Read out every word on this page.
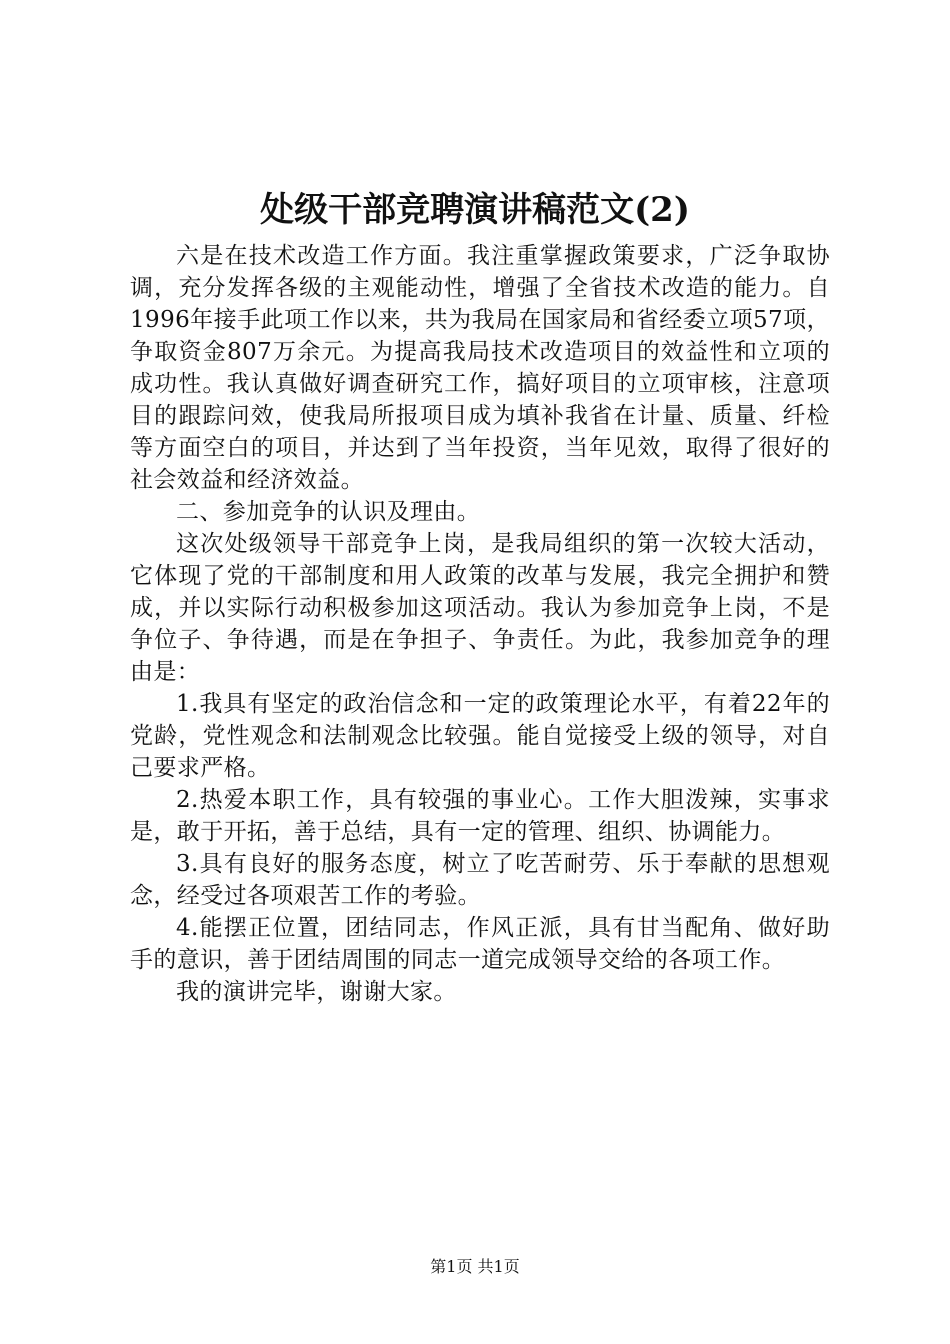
处级干部竞聘演讲稿范文(2)

六是在技术改造工作方面。我注重掌握政策要求，广泛争取协调，充分发挥各级的主观能动性，增强了全省技术改造的能力。自1996年接手此项工作以来，共为我局在国家局和省经委立项57项，争取资金807万余元。为提高我局技术改造项目的效益性和立项的成功性。我认真做好调查研究工作，搞好项目的立项审核，注意项目的跟踪问效，使我局所报项目成为填补我省在计量、质量、纤检等方面空白的项目，并达到了当年投资，当年见效，取得了很好的社会效益和经济效益。

二、参加竞争的认识及理由。

这次处级领导干部竞争上岗，是我局组织的第一次较大活动，它体现了党的干部制度和用人政策的改革与发展，我完全拥护和赞成，并以实际行动积极参加这项活动。我认为参加竞争上岗，不是争位子、争待遇，而是在争担子、争责任。为此，我参加竞争的理由是：

1.我具有坚定的政治信念和一定的政策理论水平，有着22年的党龄，党性观念和法制观念比较强。能自觉接受上级的领导，对自己要求严格。

2.热爱本职工作，具有较强的事业心。工作大胆泼辣，实事求是，敢于开拓，善于总结，具有一定的管理、组织、协调能力。

3.具有良好的服务态度，树立了吃苦耐劳、乐于奉献的思想观念，经受过各项艰苦工作的考验。

4.能摆正位置，团结同志，作风正派，具有甘当配角、做好助手的意识，善于团结周围的同志一道完成领导交给的各项工作。

我的演讲完毕，谢谢大家。

第1页 共1页
